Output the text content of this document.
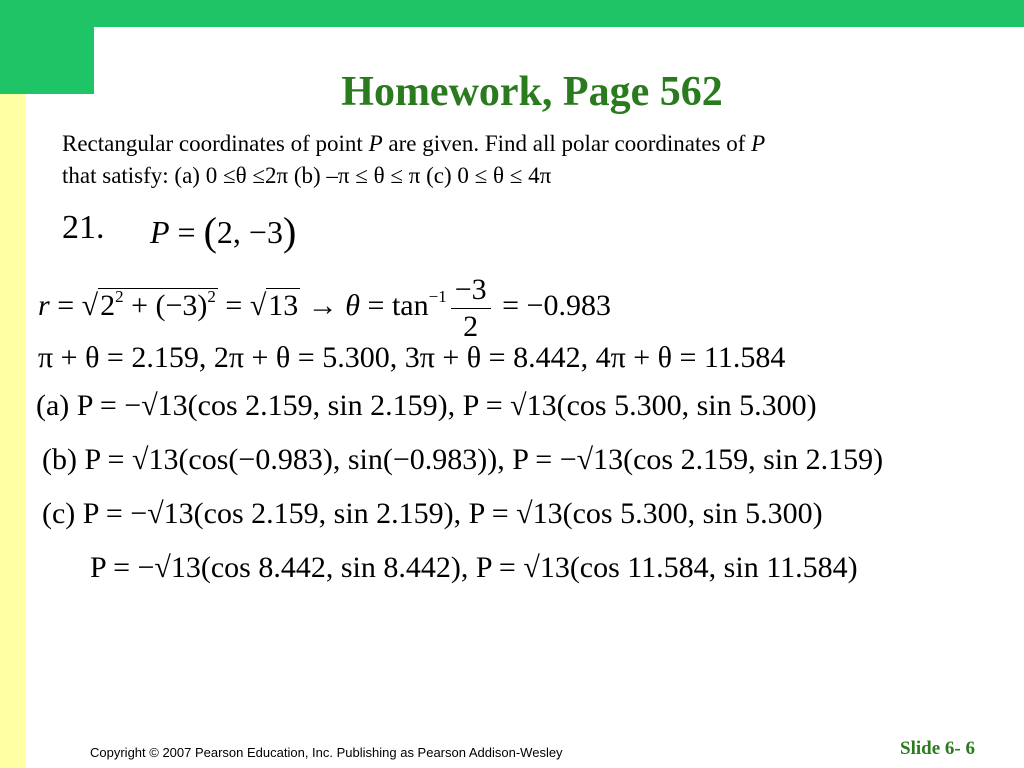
Homework, Page 562
Rectangular coordinates of point P are given. Find all polar coordinates of P
that satisfy: (a) 0 ≤θ ≤2π (b) –π ≤ θ ≤ π (c) 0 ≤ θ ≤ 4π
21. P = (2, −3)
$r = √2^2 + (-3)^2 = √13 \to \theta = \tan^{-1} \frac{-3}{2} = -0.983$
π + θ = 2.159, 2π + θ = 5.300, 3π + θ = 8.442, 4π + θ = 11.584
(a) P = −√13(cos 2.159, sin 2.159), P = √13(cos 5.300, sin 5.300)
(b) P = √13(cos(−0.983), sin(−0.983)), P = −√13(cos 2.159, sin 2.159)
(c) P = −√13(cos 2.159, sin 2.159), P = √13(cos 5.300, sin 5.300)
P = −√13(cos 8.442, sin 8.442), P = √13(cos 11.584, sin 11.584)
Copyright © 2007 Pearson Education, Inc. Publishing as Pearson Addison-Wesley	Slide 6- 6
